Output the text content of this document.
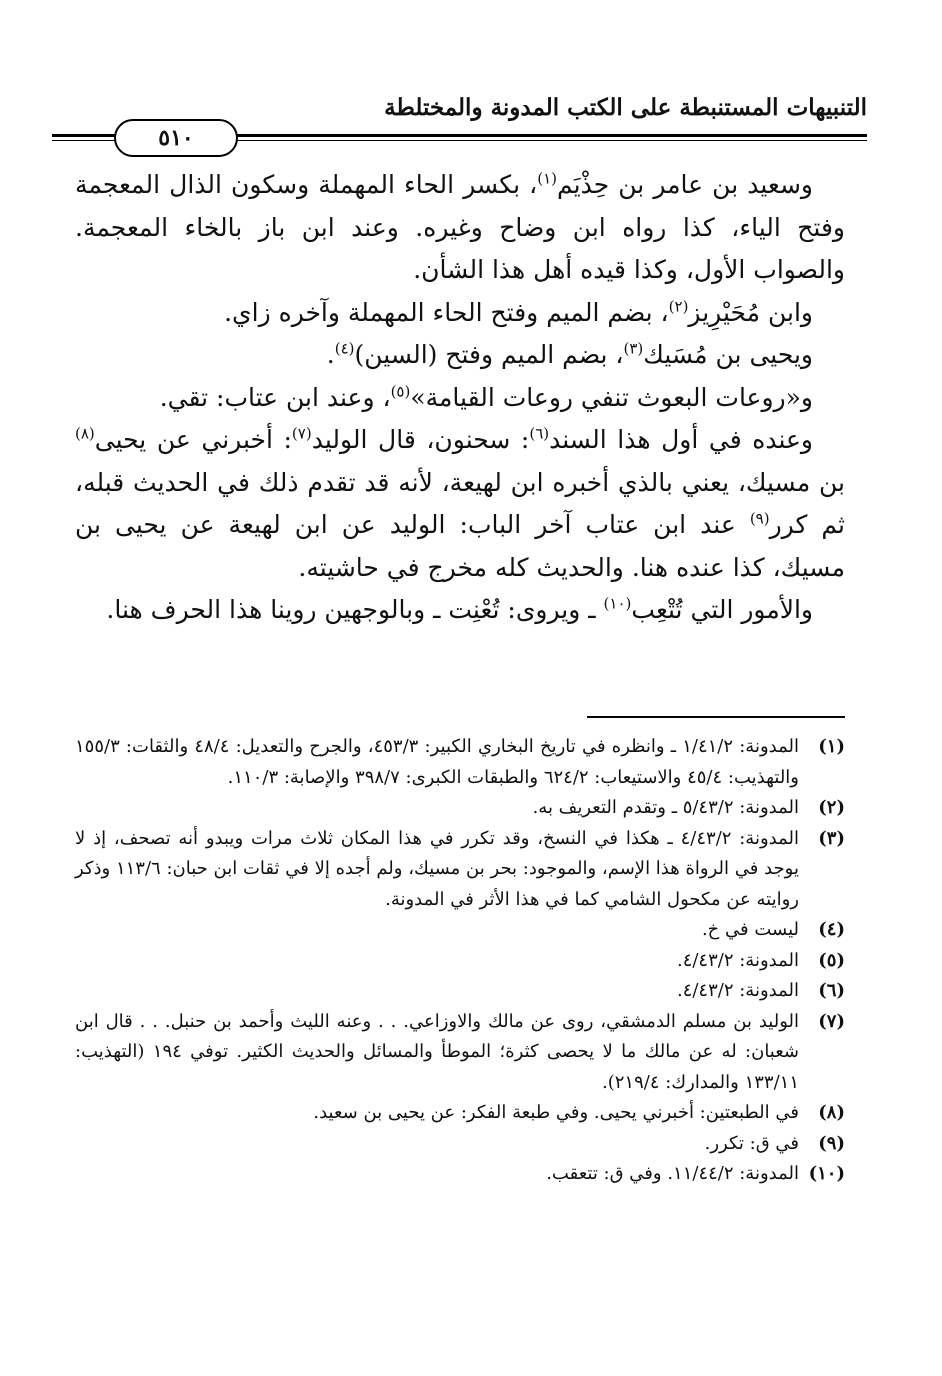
التنبيهات المستنبطة على الكتب المدونة والمختلطة
٥١٠

وسعيد بن عامر بن حِذْيَم$^{(١)}$، بكسر الحاء المهملة وسكون الذال المعجمة وفتح الياء، كذا رواه ابن وضاح وغيره. وعند ابن باز بالخاء المعجمة. والصواب الأول، وكذا قيده أهل هذا الشأن.

وابن مُحَيْرِيز$^{(٢)}$، بضم الميم وفتح الحاء المهملة وآخره زاي.

ويحيى بن مُسَيك$^{(٣)}$، بضم الميم وفتح (السين)$^{(٤)}$.

و«روعات البعوث تنفي روعات القيامة»$^{(٥)}$، وعند ابن عتاب: تقي.

وعنده في أول هذا السند$^{(٦)}$: سحنون، قال الوليد$^{(٧)}$: أخبرني عن يحيى$^{(٨)}$ بن مسيك، يعني بالذي أخبره ابن لهيعة، لأنه قد تقدم ذلك في الحديث قبله، ثم كرر$^{(٩)}$ عند ابن عتاب آخر الباب: الوليد عن ابن لهيعة عن يحيى بن مسيك، كذا عنده هنا. والحديث كله مخرج في حاشيته.

والأمور التي تُتْعِب$^{(١٠)}$ ـ ويروى: تُعْنِت ـ وبالوجهين روينا هذا الحرف هنا.

(١)
المدونة: ١/٤١/٢ ـ وانظره في تاريخ البخاري الكبير: ٤٥٣/٣، والجرح والتعديل: ٤٨/٤ والثقات: ١٥٥/٣ والتهذيب: ٤٥/٤ والاستيعاب: ٦٢٤/٢ والطبقات الكبرى: ٣٩٨/٧ والإصابة: ١١٠/٣.
(٢)
المدونة: ٥/٤٣/٢ ـ وتقدم التعريف به.
(٣)
المدونة: ٤/٤٣/٢ ـ هكذا في النسخ، وقد تكرر في هذا المكان ثلاث مرات ويبدو أنه تصحف، إذ لا يوجد في الرواة هذا الإسم، والموجود: بحر بن مسيك، ولم أجده إلا في ثقات ابن حبان: ١١٣/٦ وذكر روايته عن مكحول الشامي كما في هذا الأثر في المدونة.
(٤)
ليست في خ.
(٥)
المدونة: ٤/٤٣/٢.
(٦)
المدونة: ٤/٤٣/٢.
(٧)
الوليد بن مسلم الدمشقي، روى عن مالك والاوزاعي. . . وعنه الليث وأحمد بن حنبل. . . قال ابن شعبان: له عن مالك ما لا يحصى كثرة؛ الموطأ والمسائل والحديث الكثير. توفي ١٩٤ (التهذيب: ١٣٣/١١ والمدارك: ٢١٩/٤).
(٨)
في الطبعتين: أخبرني يحيى. وفي طبعة الفكر: عن يحيى بن سعيد.
(٩)
في ق: تكرر.
(١٠)
المدونة: ١١/٤٤/٢. وفي ق: تتعقب.
